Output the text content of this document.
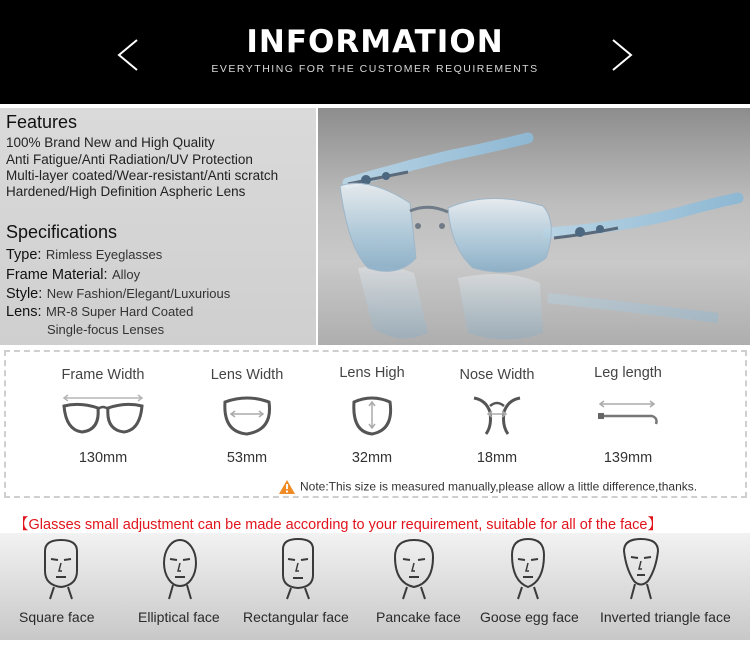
INFORMATION
EVERYTHING FOR THE CUSTOMER REQUIREMENTS
Features
100% Brand New and High Quality
Anti Fatigue/Anti Radiation/UV Protection
Multi-layer coated/Wear-resistant/Anti scratch
Hardened/High Definition Aspheric Lens
Specifications
Type: Rimless Eyeglasses
Frame Material: Alloy
Style: New Fashion/Elegant/Luxurious
Lens: MR-8 Super Hard Coated
Single-focus Lenses
Frame Width
130mm
Lens Width
53mm
Lens High
32mm
Nose Width
18mm
Leg length
139mm
Note:This size is measured manually,please allow a little difference,thanks.
【Glasses small adjustment can be made according to your requirement, suitable for all of the face】
Square face	Elliptical face Rectangular face Pancake face Goose egg face Inverted triangle face
